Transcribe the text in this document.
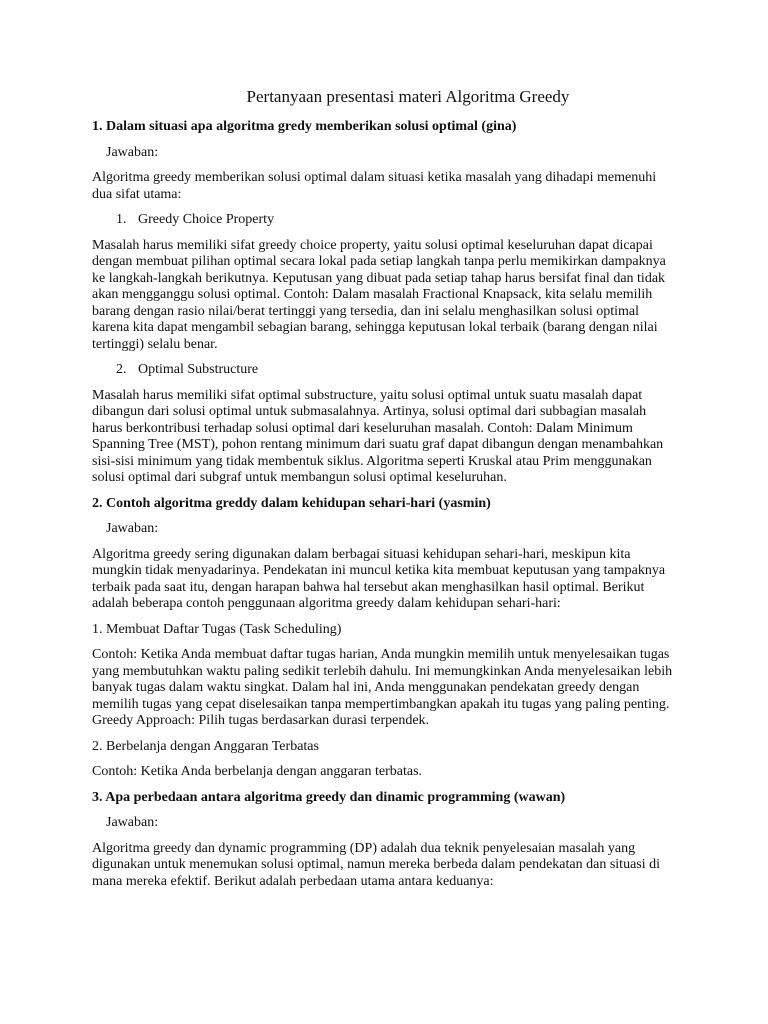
Pertanyaan presentasi materi Algoritma Greedy

1. Dalam situasi apa algoritma gredy memberikan solusi optimal (gina)

Jawaban:

Algoritma greedy memberikan solusi optimal dalam situasi ketika masalah yang dihadapi memenuhi dua sifat utama:

1. Greedy Choice Property

Masalah harus memiliki sifat greedy choice property, yaitu solusi optimal keseluruhan dapat dicapai dengan membuat pilihan optimal secara lokal pada setiap langkah tanpa perlu memikirkan dampaknya ke langkah-langkah berikutnya. Keputusan yang dibuat pada setiap tahap harus bersifat final dan tidak akan mengganggu solusi optimal. Contoh: Dalam masalah Fractional Knapsack, kita selalu memilih barang dengan rasio nilai/berat tertinggi yang tersedia, dan ini selalu menghasilkan solusi optimal karena kita dapat mengambil sebagian barang, sehingga keputusan lokal terbaik (barang dengan nilai tertinggi) selalu benar.

2. Optimal Substructure

Masalah harus memiliki sifat optimal substructure, yaitu solusi optimal untuk suatu masalah dapat dibangun dari solusi optimal untuk submasalahnya. Artinya, solusi optimal dari subbagian masalah harus berkontribusi terhadap solusi optimal dari keseluruhan masalah. Contoh: Dalam Minimum Spanning Tree (MST), pohon rentang minimum dari suatu graf dapat dibangun dengan menambahkan sisi-sisi minimum yang tidak membentuk siklus. Algoritma seperti Kruskal atau Prim menggunakan solusi optimal dari subgraf untuk membangun solusi optimal keseluruhan.

2. Contoh algoritma greddy dalam kehidupan sehari-hari (yasmin)

Jawaban:

Algoritma greedy sering digunakan dalam berbagai situasi kehidupan sehari-hari, meskipun kita mungkin tidak menyadarinya. Pendekatan ini muncul ketika kita membuat keputusan yang tampaknya terbaik pada saat itu, dengan harapan bahwa hal tersebut akan menghasilkan hasil optimal. Berikut adalah beberapa contoh penggunaan algoritma greedy dalam kehidupan sehari-hari:

1. Membuat Daftar Tugas (Task Scheduling)

Contoh: Ketika Anda membuat daftar tugas harian, Anda mungkin memilih untuk menyelesaikan tugas yang membutuhkan waktu paling sedikit terlebih dahulu. Ini memungkinkan Anda menyelesaikan lebih banyak tugas dalam waktu singkat. Dalam hal ini, Anda menggunakan pendekatan greedy dengan memilih tugas yang cepat diselesaikan tanpa mempertimbangkan apakah itu tugas yang paling penting. Greedy Approach: Pilih tugas berdasarkan durasi terpendek.

2. Berbelanja dengan Anggaran Terbatas

Contoh: Ketika Anda berbelanja dengan anggaran terbatas.

3. Apa perbedaan antara algoritma greedy dan dinamic programming (wawan)

Jawaban:

Algoritma greedy dan dynamic programming (DP) adalah dua teknik penyelesaian masalah yang digunakan untuk menemukan solusi optimal, namun mereka berbeda dalam pendekatan dan situasi di mana mereka efektif. Berikut adalah perbedaan utama antara keduanya:
